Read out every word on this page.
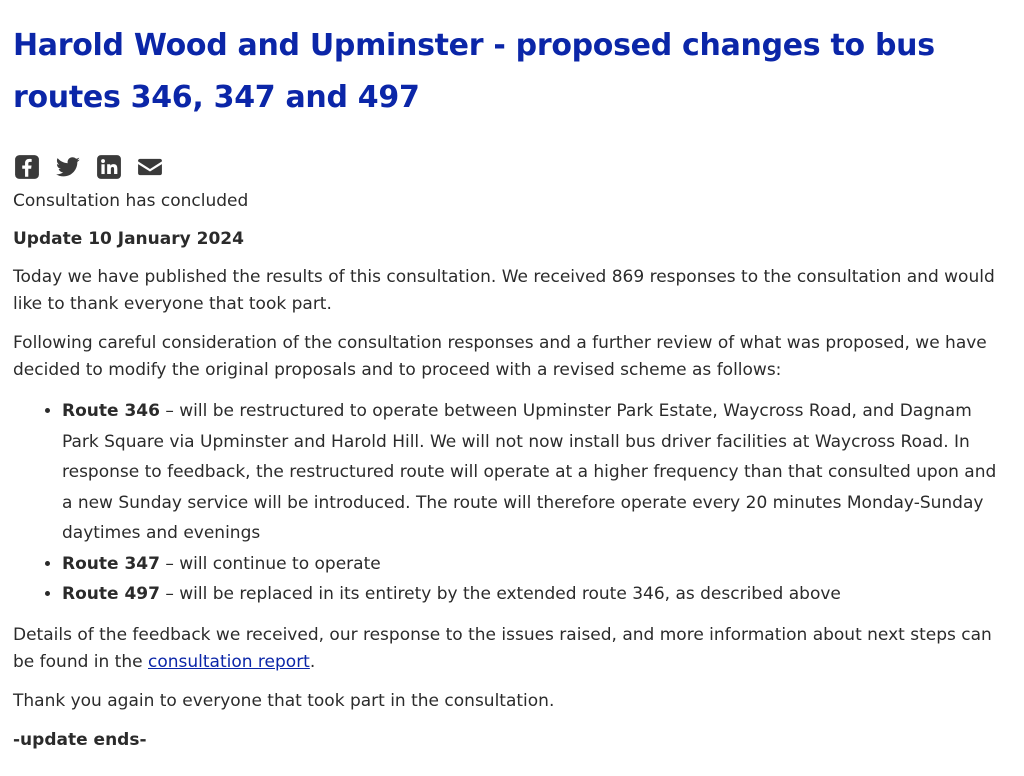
Harold Wood and Upminster - proposed changes to bus routes 346, 347 and 497
Consultation has concluded
Update 10 January 2024

Today we have published the results of this consultation. We received 869 responses to the consultation and would like to thank everyone that took part.

Following careful consideration of the consultation responses and a further review of what was proposed, we have decided to modify the original proposals and to proceed with a revised scheme as follows:

• Route 346 – will be restructured to operate between Upminster Park Estate, Waycross Road, and Dagnam Park Square via Upminster and Harold Hill. We will not now install bus driver facilities at Waycross Road. In response to feedback, the restructured route will operate at a higher frequency than that consulted upon and a new Sunday service will be introduced. The route will therefore operate every 20 minutes Monday-Sunday daytimes and evenings
• Route 347 – will continue to operate
• Route 497 – will be replaced in its entirety by the extended route 346, as described above

Details of the feedback we received, our response to the issues raised, and more information about next steps can be found in the consultation report.

Thank you again to everyone that took part in the consultation.

-update ends-
